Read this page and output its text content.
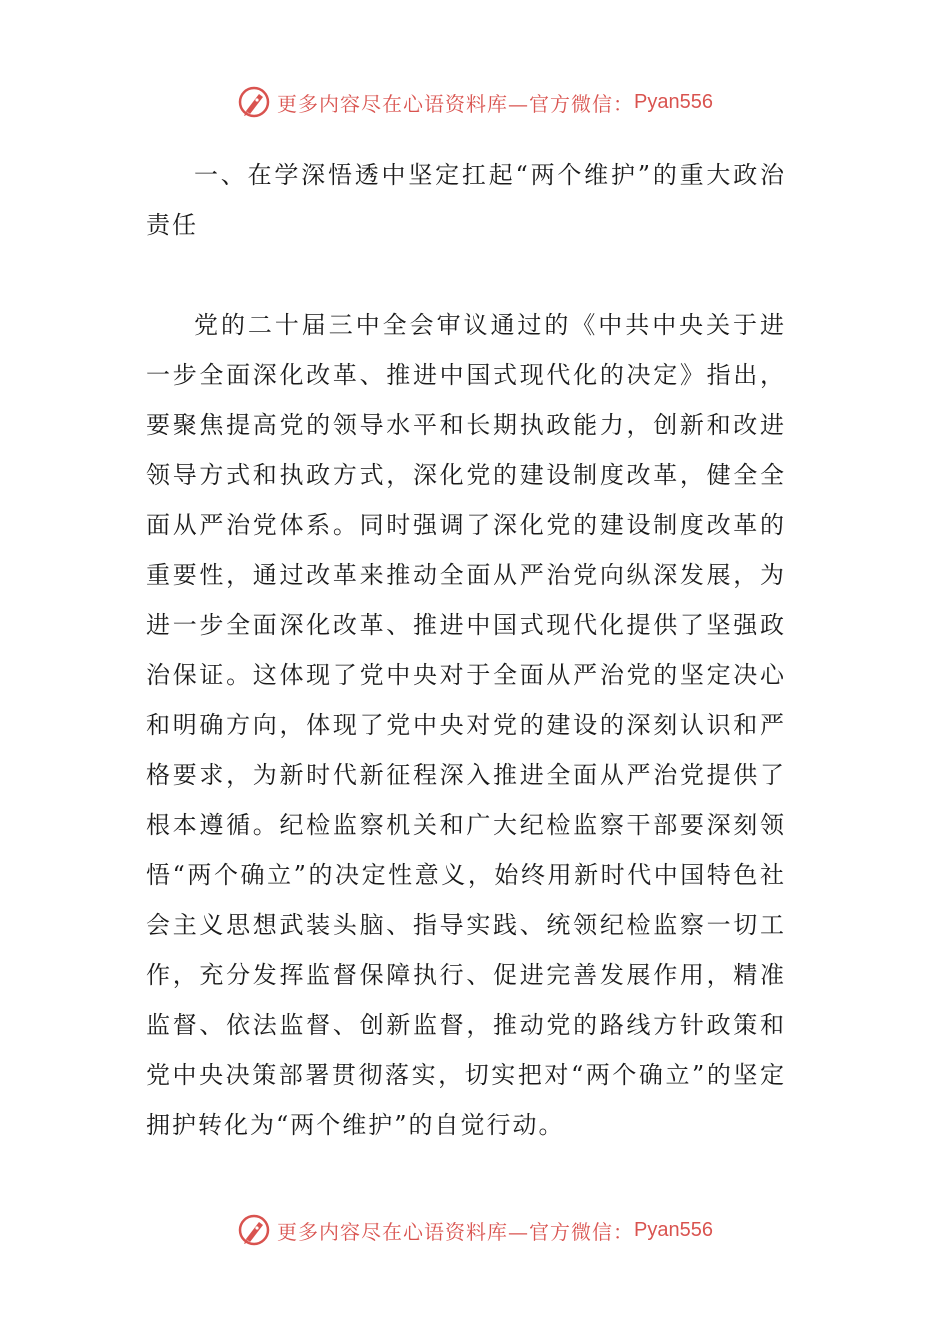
更多内容尽在心语资料库—官方微信： Pyan556

一、在学深悟透中坚定扛起“两个维护”的重大政治责任

党的二十届三中全会审议通过的《中共中央关于进一步全面深化改革、推进中国式现代化的决定》指出，要聚焦提高党的领导水平和长期执政能力，创新和改进领导方式和执政方式，深化党的建设制度改革，健全全面从严治党体系。同时强调了深化党的建设制度改革的重要性，通过改革来推动全面从严治党向纵深发展，为进一步全面深化改革、推进中国式现代化提供了坚强政治保证。这体现了党中央对于全面从严治党的坚定决心和明确方向，体现了党中央对党的建设的深刻认识和严格要求，为新时代新征程深入推进全面从严治党提供了根本遵循。纪检监察机关和广大纪检监察干部要深刻领悟“两个确立”的决定性意义，始终用新时代中国特色社会主义思想武装头脑、指导实践、统领纪检监察一切工作，充分发挥监督保障执行、促进完善发展作用，精准监督、依法监督、创新监督，推动党的路线方针政策和党中央决策部署贯彻落实，切实把对“两个确立”的坚定拥护转化为“两个维护”的自觉行动。

更多内容尽在心语资料库—官方微信： Pyan556
